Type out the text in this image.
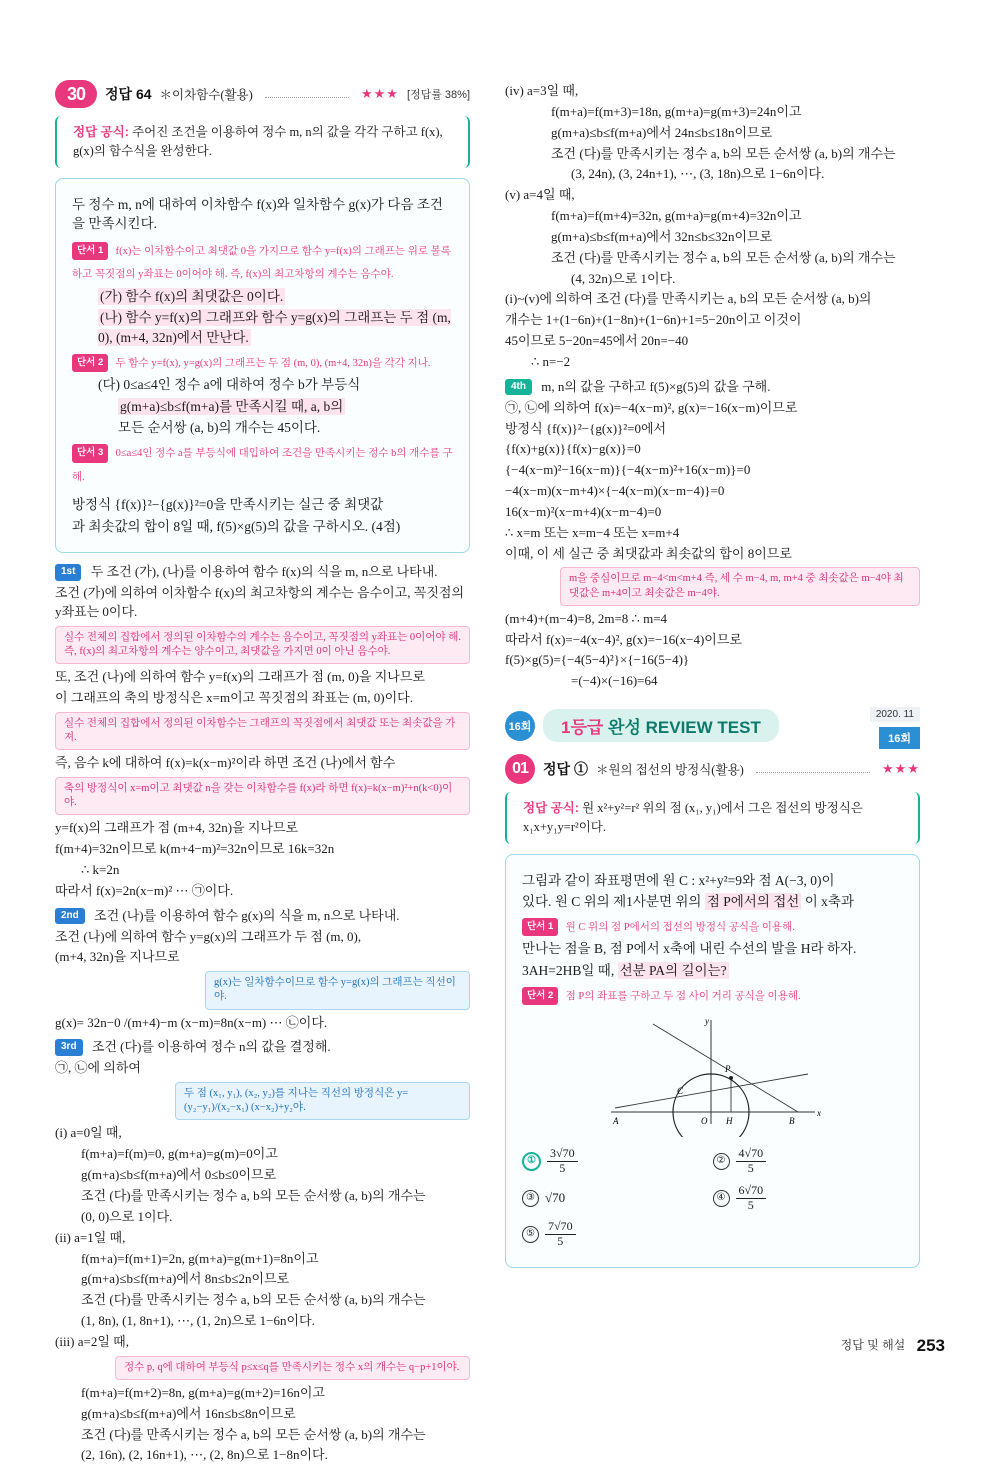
30	정답 64 ＊이차함수(활용)	★★★ [정답률 38%]
정답 공식: 주어진 조건을 이용하여 정수 m, n의 값을 각각 구하고 f(x), g(x)의 함수식을 완성한다.
두 정수 m, n에 대하여 이차함수 f(x)와 일차함수 g(x)가 다음 조건을 만족시킨다.
단서 1 f(x)는 이차함수이고 최댓값 0을 가지므로 함수 y=f(x)의 그래프는 위로 볼록하고 꼭짓점의 y좌표는 0이어야 해. 즉, f(x)의 최고차항의 계수는 음수야.
(가) 함수 f(x)의 최댓값은 0이다.
(나) 함수 y=f(x)의 그래프와 함수 y=g(x)의 그래프는 두 점 (m, 0), (m+4, 32n)에서 만난다.
단서 2 두 함수 y=f(x), y=g(x)의 그래프는 두 점 (m, 0), (m+4, 32n)을 각각 지나.
(다) 0≤a≤4인 정수 a에 대하여 정수 b가 부등식
g(m+a)≤b≤f(m+a)를 만족시킬 때, a, b의
모든 순서쌍 (a, b)의 개수는 45이다.
단서 3 0≤a≤4인 정수 a를 부등식에 대입하여 조건을 만족시키는 정수 b의 개수를 구해.
방정식 {f(x)}²−{g(x)}²=0을 만족시키는 실근 중 최댓값
과 최솟값의 합이 8일 때, f(5)×g(5)의 값을 구하시오. (4점)
1st 두 조건 (가), (나)를 이용하여 함수 f(x)의 식을 m, n으로 나타내.
조건 (가)에 의하여 이차함수 f(x)의 최고차항의 계수는 음수이고, 꼭짓점의 y좌표는 0이다.
실수 전체의 집합에서 정의된 이차함수의 계수는 음수이고, 꼭짓점의 y좌표는 0이어야 해. 즉, f(x)의 최고차항의 계수는 양수이고, 최댓값을 가지면 0이 아닌 음수야.
또, 조건 (나)에 의하여 함수 y=f(x)의 그래프가 점 (m, 0)을 지나므로
이 그래프의 축의 방정식은 x=m이고 꼭짓점의 좌표는 (m, 0)이다.
실수 전체의 집합에서 정의된 이차함수는 그래프의 꼭짓점에서 최댓값 또는 최솟값을 가져.
즉, 음수 k에 대하여 f(x)=k(x−m)²이라 하면 조건 (나)에서 함수
축의 방정식이 x=m이고 최댓값 n을 갖는 이차함수를 f(x)라 하면 f(x)=k(x−m)²+n(k<0)이야.
y=f(x)의 그래프가 점 (m+4, 32n)을 지나므로
f(m+4)=32n이므로 k(m+4−m)²=32n이므로 16k=32n
∴ k=2n
따라서 f(x)=2n(x−m)² ⋯ ㉠이다.
2nd 조건 (나)를 이용하여 함수 g(x)의 식을 m, n으로 나타내.
조건 (나)에 의하여 함수 y=g(x)의 그래프가 두 점 (m, 0),
(m+4, 32n)을 지나므로
g(x)는 일차함수이므로 함수 y=g(x)의 그래프는 직선이야.
g(x)= 32n−0 /(m+4)−m (x−m)=8n(x−m) ⋯ ㉡이다.
3rd 조건 (다)를 이용하여 정수 n의 값을 결정해.
㉠, ㉡에 의하여
두 점 (x₁, y₁), (x₂, y₂)를 지나는 직선의 방정식은 y= (y₂−y₁)/(x₂−x₁) (x−x₂)+y₂야.
(i) a=0일 때,
f(m+a)=f(m)=0, g(m+a)=g(m)=0이고
g(m+a)≤b≤f(m+a)에서 0≤b≤0이므로
조건 (다)를 만족시키는 정수 a, b의 모든 순서쌍 (a, b)의 개수는
(0, 0)으로 1이다.
(ii) a=1일 때,
f(m+a)=f(m+1)=2n, g(m+a)=g(m+1)=8n이고
g(m+a)≤b≤f(m+a)에서 8n≤b≤2n이므로
조건 (다)를 만족시키는 정수 a, b의 모든 순서쌍 (a, b)의 개수는
(1, 8n), (1, 8n+1), ⋯, (1, 2n)으로 1−6n이다.
(iii) a=2일 때,
정수 p, q에 대하여 부등식 p≤x≤q를 만족시키는 정수 x의 개수는 q−p+1이야.
f(m+a)=f(m+2)=8n, g(m+a)=g(m+2)=16n이고
g(m+a)≤b≤f(m+a)에서 16n≤b≤8n이므로
조건 (다)를 만족시키는 정수 a, b의 모든 순서쌍 (a, b)의 개수는
(2, 16n), (2, 16n+1), ⋯, (2, 8n)으로 1−8n이다.
(iv) a=3일 때,
f(m+a)=f(m+3)=18n, g(m+a)=g(m+3)=24n이고
g(m+a)≤b≤f(m+a)에서 24n≤b≤18n이므로
조건 (다)를 만족시키는 정수 a, b의 모든 순서쌍 (a, b)의 개수는
(3, 24n), (3, 24n+1), ⋯, (3, 18n)으로 1−6n이다.
(v) a=4일 때,
f(m+a)=f(m+4)=32n, g(m+a)=g(m+4)=32n이고
g(m+a)≤b≤f(m+a)에서 32n≤b≤32n이므로
조건 (다)를 만족시키는 정수 a, b의 모든 순서쌍 (a, b)의 개수는
(4, 32n)으로 1이다.
(i)~(v)에 의하여 조건 (다)를 만족시키는 a, b의 모든 순서쌍 (a, b)의
개수는 1+(1−6n)+(1−8n)+(1−6n)+1=5−20n이고 이것이
45이므로 5−20n=45에서 20n=−40
∴ n=−2
4th m, n의 값을 구하고 f(5)×g(5)의 값을 구해.
㉠, ㉡에 의하여 f(x)=−4(x−m)², g(x)=−16(x−m)이므로
방정식 {f(x)}²−{g(x)}²=0에서
{f(x)+g(x)}{f(x)−g(x)}=0
{−4(x−m)²−16(x−m)}{−4(x−m)²+16(x−m)}=0
−4(x−m)(x−m+4)×{−4(x−m)(x−m−4)}=0
16(x−m)²(x−m+4)(x−m−4)=0
∴ x=m 또는 x=m−4 또는 x=m+4
이때, 이 세 실근 중 최댓값과 최솟값의 합이 8이므로
m을 중심이므로 m−4<m<m+4 즉, 세 수 m−4, m, m+4 중 최솟값은 m−4야 최댓값은 m+4이고 최솟값은 m−4야.
(m+4)+(m−4)=8, 2m=8 ∴ m=4
따라서 f(x)=−4(x−4)², g(x)=−16(x−4)이므로
f(5)×g(5)={−4(5−4)²}×{−16(5−4)}
=(−4)×(−16)=64
16회	1등급 완성 REVIEW TEST
2020. 11
16회
01	정답 ① ＊원의 접선의 방정식(활용)	★★★
정답 공식: 원 x²+y²=r² 위의 점 (x₁, y₁)에서 그은 접선의 방정식은
x₁x+y₁y=r²이다.
그림과 같이 좌표평면에 원 C : x²+y²=9와 점 A(−3, 0)이
있다. 원 C 위의 제1사분면 위의 점 P에서의 접선 이 x축과
단서 1 원 C 위의 점 P에서의 접선의 방정식 공식을 이용해.
만나는 점을 B, 점 P에서 x축에 내린 수선의 발을 H라 하자.
3AH=2HB일 때, 선분 PA의 길이는?
단서 2 점 P의 좌표를 구하고 두 점 사이 거리 공식을 이용해.
P
y
x
C
A	O H	B
① $\frac{3√70}{5}$	② $\frac{4√70}{5}$
③ √70	④ $\frac{6√70}{5}$
⑤ $\frac{7√70}{5}$
정답 및 해설 253
